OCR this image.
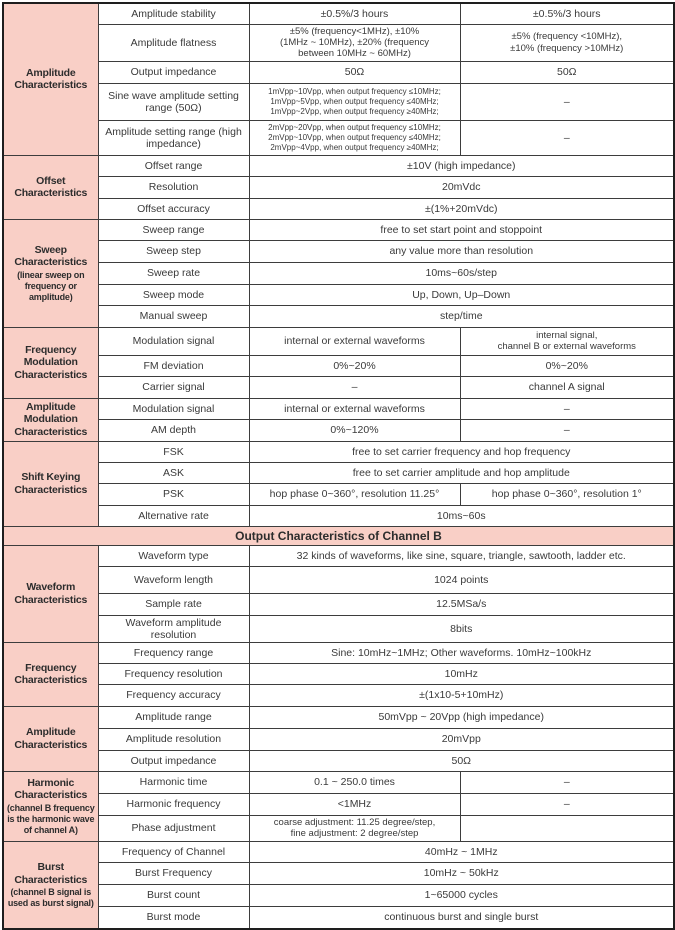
Amplitude Characteristics	Amplitude stability	±0.5%/3 hours	±0.5%/3 hours
	Amplitude flatness	±5% (frequency<1MHz), ±10%
(1MHz ~ 10MHz), ±20% (frequency
between 10MHz ~ 60MHz)	±5% (frequency <10MHz),
±10% (frequency >10MHz)

	Output impedance	50Ω	50Ω
	Sine wave amplitude setting range (50Ω)	1mVpp~10Vpp, when output frequency ≤10MHz;
1mVpp~5Vpp, when output frequency ≤40MHz;
1mVpp~2Vpp, when output frequency ≥40MHz;	–
	Amplitude setting range (high impedance)	2mVpp~20Vpp, when output frequency ≤10MHz;
2mVpp~10Vpp, when output frequency ≤40MHz;
2mVpp~4Vpp, when output frequency ≥40MHz;	–

Offset Characteristics	Offset range	±10V (high impedance)	
	Resolution	20mVdc	
	Offset accuracy	±(1%+20mVdc)	

Sweep Characteristics
(linear sweep on frequency or amplitude)	Sweep range	free to set start point and stoppoint	
	Sweep step	any value more than resolution	
	Sweep rate	10ms~60s/step	
	Sweep mode	Up, Down, Up–Down	
	Manual sweep	step/time	

Frequency Modulation Characteristics	Modulation signal	internal or external waveforms	internal signal,
channel B or external waveforms

	FM deviation	0%~20%	0%~20%
	Carrier signal	–	channel A signal

Amplitude Modulation Characteristics	Modulation signal	internal or external waveforms	–
	AM depth	0%~120%	–

Shift Keying Characteristics	FSK	free to set carrier frequency and hop frequency	
	ASK	free to set carrier amplitude and hop amplitude	
	PSK	hop phase 0~360°, resolution 11.25°	hop phase 0~360°, resolution 1°
	Alternative rate	10ms~60s	
Output Characteristics of Channel B			

Waveform Characteristics	Waveform type	32 kinds of waveforms, like sine, square, triangle, sawtooth, ladder etc.	
	Waveform length	1024 points	
	Sample rate	12.5MSa/s	
	Waveform amplitude resolution	8bits	

Frequency Characteristics	Frequency range	Sine: 10mHz~1MHz; Other waveforms. 10mHz~100kHz	
	Frequency resolution	10mHz	
	Frequency accuracy	±(1x10-5+10mHz)	

Amplitude Characteristics	Amplitude range	50mVpp ~ 20Vpp (high impedance)	
	Amplitude resolution	20mVpp	
	Output impedance	50Ω	

Harmonic Characteristics
(channel B frequency is the harmonic wave of channel A)	Harmonic time	0.1 ~ 250.0 times	–
	Harmonic frequency	<1MHz	–
	Phase adjustment	coarse adjustment: 11.25 degree/step,
fine adjustment: 2 degree/step	

Burst Characteristics
(channel B signal is used as burst signal)	Frequency of Channel	40mHz ~ 1MHz	
	Burst Frequency	10mHz ~ 50kHz	
	Burst count	1~65000 cycles	
	Burst mode	continuous burst and single burst	
